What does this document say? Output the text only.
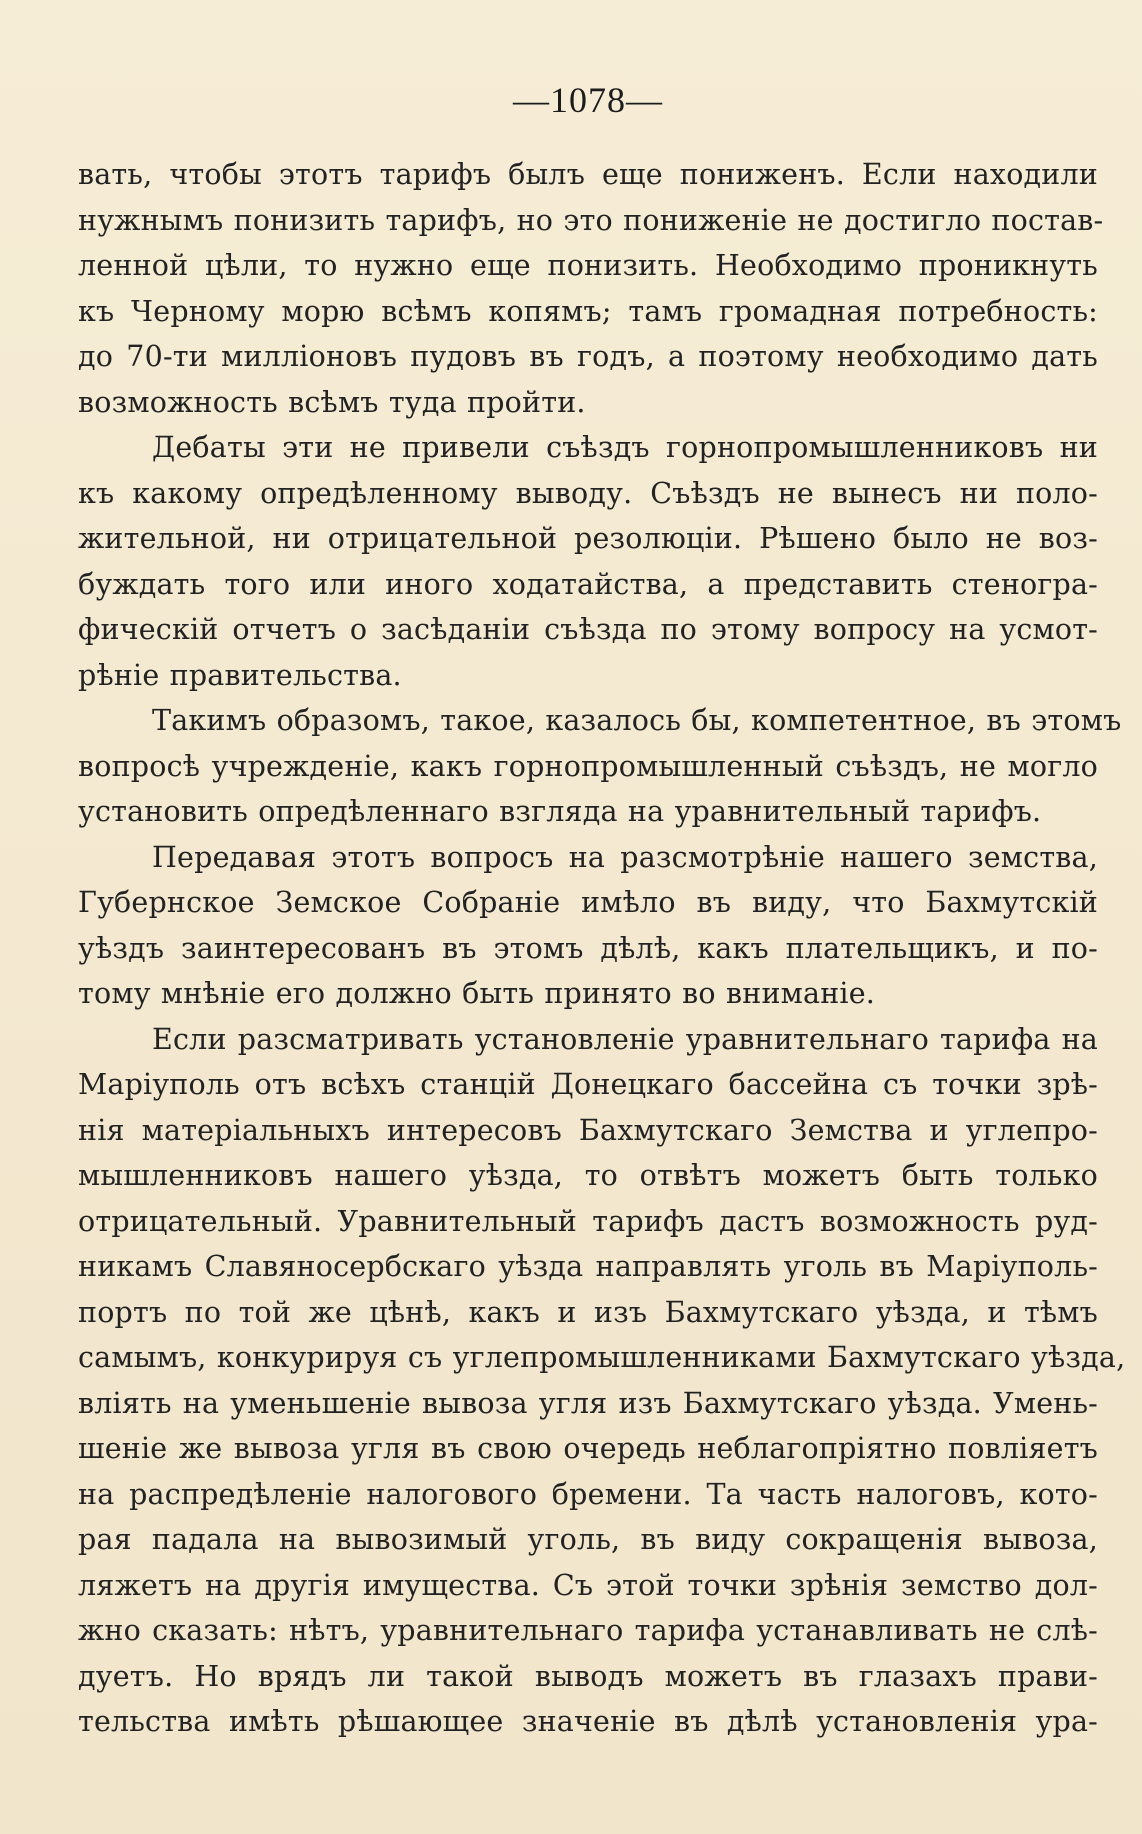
—1078—
вать, чтобы этотъ тарифъ былъ еще пониженъ. Если находили
нужнымъ понизить тарифъ, но это пониженіе не достигло постав-
ленной цѣли, то нужно еще понизить. Необходимо проникнуть
къ Черному морю всѣмъ копямъ; тамъ громадная потребность:
до 70-ти милліоновъ пудовъ въ годъ, а поэтому необходимо дать
возможность всѣмъ туда пройти.
Дебаты эти не привели съѣздъ горнопромышленниковъ ни
къ какому опредѣленному выводу. Съѣздъ не вынесъ ни поло-
жительной, ни отрицательной резолюціи. Рѣшено было не воз-
буждать того или иного ходатайства, а представить стеногра-
фическій отчетъ о засѣданіи съѣзда по этому вопросу на усмот-
рѣніе правительства.
Такимъ образомъ, такое, казалось бы, компетентное, въ этомъ
вопросѣ учрежденіе, какъ горнопромышленный съѣздъ, не могло
установить опредѣленнаго взгляда на уравнительный тарифъ.
Передавая этотъ вопросъ на разсмотрѣніе нашего земства,
Губернское Земское Собраніе имѣло въ виду, что Бахмутскій
уѣздъ заинтересованъ въ этомъ дѣлѣ, какъ плательщикъ, и по-
тому мнѣніе его должно быть принято во вниманіе.
Если разсматривать установленіе уравнительнаго тарифа на
Маріуполь отъ всѣхъ станцій Донецкаго бассейна съ точки зрѣ-
нія матеріальныхъ интересовъ Бахмутскаго Земства и углепро-
мышленниковъ нашего уѣзда, то отвѣтъ можетъ быть только
отрицательный. Уравнительный тарифъ дастъ возможность руд-
никамъ Славяносербскаго уѣзда направлять уголь въ Маріуполь-
портъ по той же цѣнѣ, какъ и изъ Бахмутскаго уѣзда, и тѣмъ
самымъ, конкурируя съ углепромышленниками Бахмутскаго уѣзда,
вліять на уменьшеніе вывоза угля изъ Бахмутскаго уѣзда. Умень-
шеніе же вывоза угля въ свою очередь неблагопріятно повліяетъ
на распредѣленіе налогового бремени. Та часть налоговъ, кото-
рая падала на вывозимый уголь, въ виду сокращенія вывоза,
ляжетъ на другія имущества. Съ этой точки зрѣнія земство дол-
жно сказать: нѣтъ, уравнительнаго тарифа устанавливать не слѣ-
дуетъ. Но врядъ ли такой выводъ можетъ въ глазахъ прави-
тельства имѣть рѣшающее значеніе въ дѣлѣ установленія ура-
